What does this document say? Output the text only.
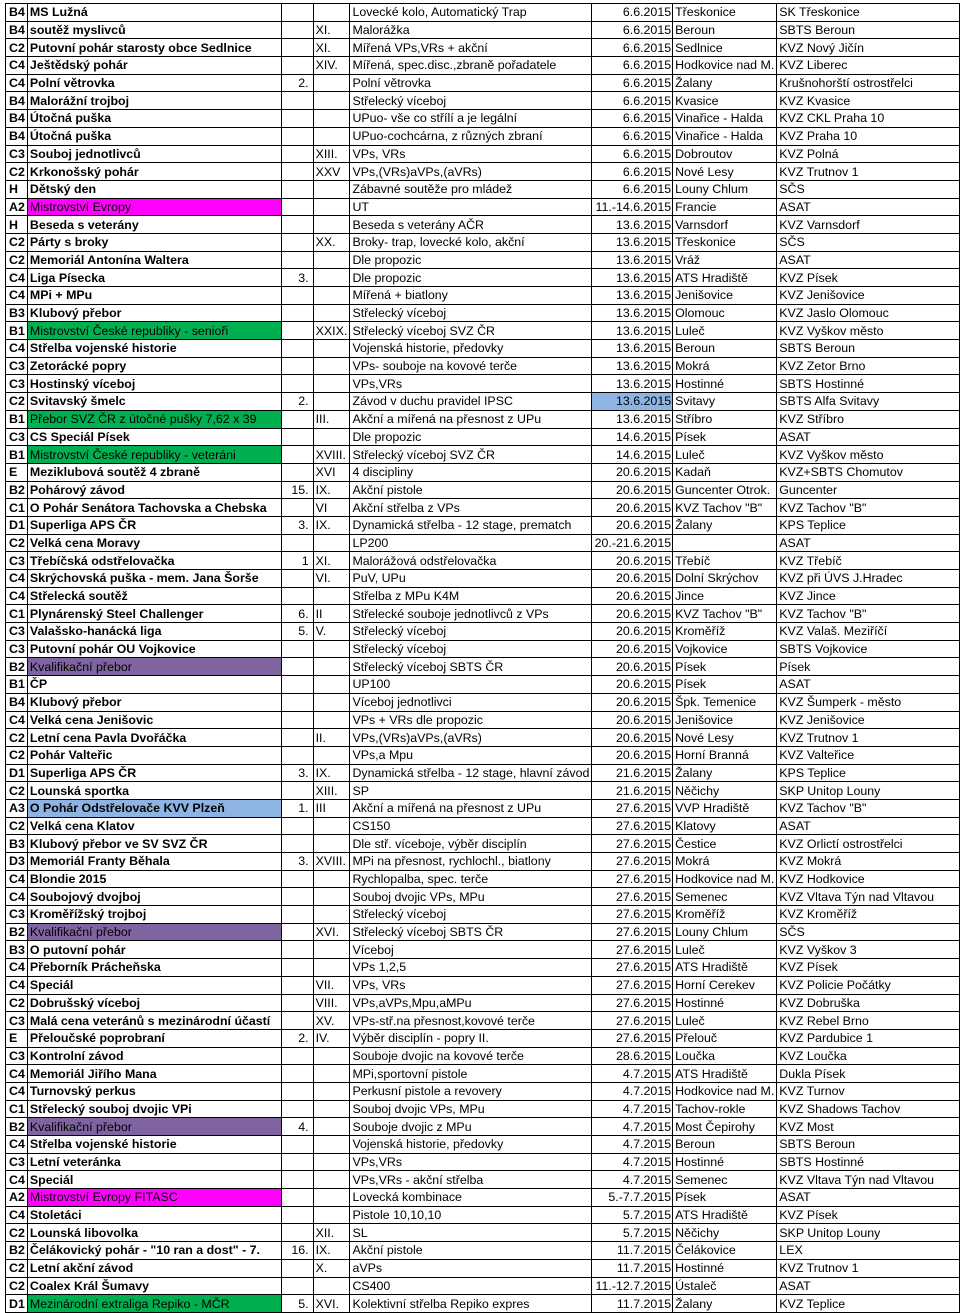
B4	MS Lužná			Lovecké kolo, Automatický Trap	6.6.2015	Třeskonice	SK Třeskonice
B4	soutěž myslivců		XI.	Malorážka	6.6.2015	Beroun	SBTS Beroun
C2	Putovní pohár starosty obce Sedlnice		XI.	Mířená VPs,VRs + akční	6.6.2015	Sedlnice	KVZ Nový Jičín
C4	Ještědský pohár		XIV.	Mířená, spec.disc.,zbraně pořadatele	6.6.2015	Hodkovice nad M.	KVZ Liberec
C4	Polní větrovka	2.		Polní větrovka	6.6.2015	Žalany	Krušnohorští ostrostřelci
B4	Malorážní trojboj			Střelecký víceboj	6.6.2015	Kvasice	KVZ Kvasice
B4	Útočná puška			UPuo- vše co střílí a je legální	6.6.2015	Vinařice - Halda	KVZ CKL Praha 10
B4	Útočná puška			UPuo-cochcárna, z různých zbraní	6.6.2015	Vinařice - Halda	KVZ Praha 10
C3	Souboj jednotlivců		XIII.	VPs, VRs	6.6.2015	Dobroutov	KVZ Polná
C2	Krkonošský pohár		XXV	VPs,(VRs)aVPs,(aVRs)	6.6.2015	Nové Lesy	KVZ Trutnov 1
H	Dětský den			Zábavné soutěže pro mládež	6.6.2015	Louny Chlum	SČS
A2	Mistrovství Evropy			UT	11.-14.6.2015	Francie	ASAT
H	Beseda s veterány			Beseda s veterány AČR	13.6.2015	Varnsdorf	KVZ Varnsdorf
C2	Párty s broky		XX.	Broky- trap, lovecké kolo, akční	13.6.2015	Třeskonice	SČS
C2	Memoriál Antonína Waltera			Dle propozic	13.6.2015	Vráž	ASAT
C4	Liga Písecka	3.		Dle propozic	13.6.2015	ATS Hradiště	KVZ Písek
C4	MPi + MPu			Mířená + biatlony	13.6.2015	Jenišovice	KVZ Jenišovice
B3	Klubový přebor			Střelecký víceboj	13.6.2015	Olomouc	KVZ Jaslo Olomouc
B1	Mistrovství České republiky - senioři		XXIX.	Střelecký víceboj SVZ ČR	13.6.2015	Luleč	KVZ Vyškov město
C4	Střelba vojenské historie			Vojenská historie, předovky	13.6.2015	Beroun	SBTS Beroun
C3	Zetorácké popry			VPs- souboje na kovové terče	13.6.2015	Mokrá	KVZ Zetor Brno
C3	Hostinský víceboj			VPs,VRs	13.6.2015	Hostinné	SBTS Hostinné
C2	Svitavský šmelc	2.		Závod v duchu pravidel IPSC	13.6.2015	Svitavy	SBTS Alfa Svitavy
B1	Přebor SVZ ČR z útočné pušky 7,62 x 39		III.	Akční a mířená na přesnost z UPu	13.6.2015	Stříbro	KVZ Stříbro
C3	CS Speciál Písek			Dle propozic	14.6.2015	Písek	ASAT
B1	Mistrovství České republiky - veteráni		XVIII.	Střelecký víceboj SVZ ČR	14.6.2015	Luleč	KVZ Vyškov město
E	Meziklubová soutěž 4 zbraně		XVI	4 discipliny	20.6.2015	Kadaň	KVZ+SBTS Chomutov
B2	Pohárový závod	15.	IX.	Akční pistole	20.6.2015	Guncenter Otrok.	Guncenter
C1	O Pohár Senátora Tachovska a Chebska		VI	Akční střelba z VPs	20.6.2015	KVZ Tachov "B"	KVZ Tachov "B"
D1	Superliga APS ČR	3.	IX.	Dynamická střelba - 12 stage, prematch	20.6.2015	Žalany	KPS Teplice
C2	Velká cena Moravy			LP200	20.-21.6.2015		ASAT
C3	Třebíčská odstřelovačka	1	XI.	Malorážová odstřelovačka	20.6.2015	Třebíč	KVZ Třebíč
C4	Skrýchovská puška - mem. Jana Šorše		VI.	PuV, UPu	20.6.2015	Dolní Skrýchov	KVZ při ÚVS J.Hradec
C4	Střelecká soutěž			Střelba z MPu K4M	20.6.2015	Jince	KVZ Jince
C1	Plynárenský Steel Challenger	6.	II	Střelecké souboje jednotlivců z VPs	20.6.2015	KVZ Tachov "B"	KVZ Tachov "B"
C3	Valašsko-hanácká liga	5.	V.	Střelecký víceboj	20.6.2015	Kroměříž	KVZ Valaš. Meziříčí
C3	Putovní pohár OU Vojkovice			Střelecký víceboj	20.6.2015	Vojkovice	SBTS Vojkovice
B2	Kvalifikační přebor			Střelecký víceboj SBTS ČR	20.6.2015	Písek	Písek
B1	ČP			UP100	20.6.2015	Písek	ASAT
B4	Klubový přebor			Víceboj jednotlivci	20.6.2015	Špk. Temenice	KVZ Šumperk - město
C4	Velká cena Jenišovic			VPs + VRs dle propozic	20.6.2015	Jenišovice	KVZ Jenišovice
C2	Letní cena Pavla Dvořáčka		II.	VPs,(VRs)aVPs,(aVRs)	20.6.2015	Nové Lesy	KVZ Trutnov 1
C2	Pohár Valteřic			VPs,a Mpu	20.6.2015	Horní Branná	KVZ Valteřice
D1	Superliga APS ČR	3.	IX.	Dynamická střelba - 12 stage, hlavní závod	21.6.2015	Žalany	KPS Teplice
C2	Lounská sportka		XIII.	SP	21.6.2015	Něčichy	SKP Unitop Louny
A3	O Pohár Odstřelovače KVV Plzeň	1.	III	Akční a mířená na přesnost z UPu	27.6.2015	VVP Hradiště	KVZ Tachov "B"
C2	Velká cena Klatov			CS150	27.6.2015	Klatovy	ASAT
B3	Klubový přebor ve SV SVZ ČR			Dle stř. víceboje, výběr disciplín	27.6.2015	Čestice	KVZ Orlictí ostrostřelci
D3	Memoriál Franty Běhala	3.	XVIII.	MPi na přesnost, rychlochl., biatlony	27.6.2015	Mokrá	KVZ Mokrá
C4	Blondie 2015			Rychlopalba, spec. terče	27.6.2015	Hodkovice nad M.	KVZ Hodkovice
C4	Soubojový dvojboj			Souboj dvojic VPs, MPu	27.6.2015	Semenec	KVZ Vltava Týn nad Vltavou
C3	Kroměřížský trojboj			Střelecký víceboj	27.6.2015	Kroměříž	KVZ Kroměříž
B2	Kvalifikační přebor		XVI.	Střelecký víceboj SBTS ČR	27.6.2015	Louny Chlum	SČS
B3	O putovní pohár			Víceboj	27.6.2015	Luleč	KVZ Vyškov 3
C4	Přeborník Prácheňska			VPs 1,2,5	27.6.2015	ATS Hradiště	KVZ Písek
C4	Speciál		VII.	VPs, VRs	27.6.2015	Horní Cerekev	KVZ Policie Počátky
C2	Dobrušský víceboj		VIII.	VPs,aVPs,Mpu,aMPu	27.6.2015	Hostinné	KVZ Dobruška
C3	Malá cena veteránů s mezinárodní účastí		XV.	VPs-stř.na přesnost,kovové terče	27.6.2015	Luleč	KVZ Rebel Brno
E	Přeloučské poprobraní	2.	IV.	Výběr disciplín - popry II.	27.6.2015	Přelouč	KVZ Pardubice 1
C3	Kontrolní závod			Souboje dvojic na kovové terče	28.6.2015	Loučka	KVZ Loučka
C4	Memoriál Jiřího Mana			MPi,sportovní pistole	4.7.2015	ATS Hradiště	Dukla Písek
C4	Turnovský perkus			Perkusní pistole a revovery	4.7.2015	Hodkovice nad M.	KVZ Turnov
C1	Střelecký souboj dvojic VPi			Souboj dvojic VPs, MPu	4.7.2015	Tachov-rokle	KVZ Shadows Tachov
B2	Kvalifikační přebor	4.		Souboje dvojic z MPu	4.7.2015	Most Čepirohy	KVZ Most
C4	Střelba vojenské historie			Vojenská historie, předovky	4.7.2015	Beroun	SBTS Beroun
C3	Letní veteránka			VPs,VRs	4.7.2015	Hostinné	SBTS Hostinné
C4	Speciál			VPs,VRs - akční střelba	4.7.2015	Semenec	KVZ Vltava Týn nad Vltavou
A2	Mistrovství Evropy FITASC			Lovecká kombinace	5.-7.7.2015	Písek	ASAT
C4	Stoletáci			Pistole 10,10,10	5.7.2015	ATS Hradiště	KVZ Písek
C2	Lounská libovolka		XII.	SL	5.7.2015	Něčichy	SKP Unitop Louny
B2	Čelákovický pohár - "10 ran a dost" - 7.	16.	IX.	Akční pistole	11.7.2015	Čelákovice	LEX
C2	Letní akční závod		X.	aVPs	11.7.2015	Hostinné	KVZ Trutnov 1
C2	Coalex Král Šumavy			CS400	11.-12.7.2015	Ústaleč	ASAT
D1	Mezinárodní extraliga Repiko - MČR	5.	XVI.	Kolektivní střelba Repiko expres	11.7.2015	Žalany	KVZ Teplice
